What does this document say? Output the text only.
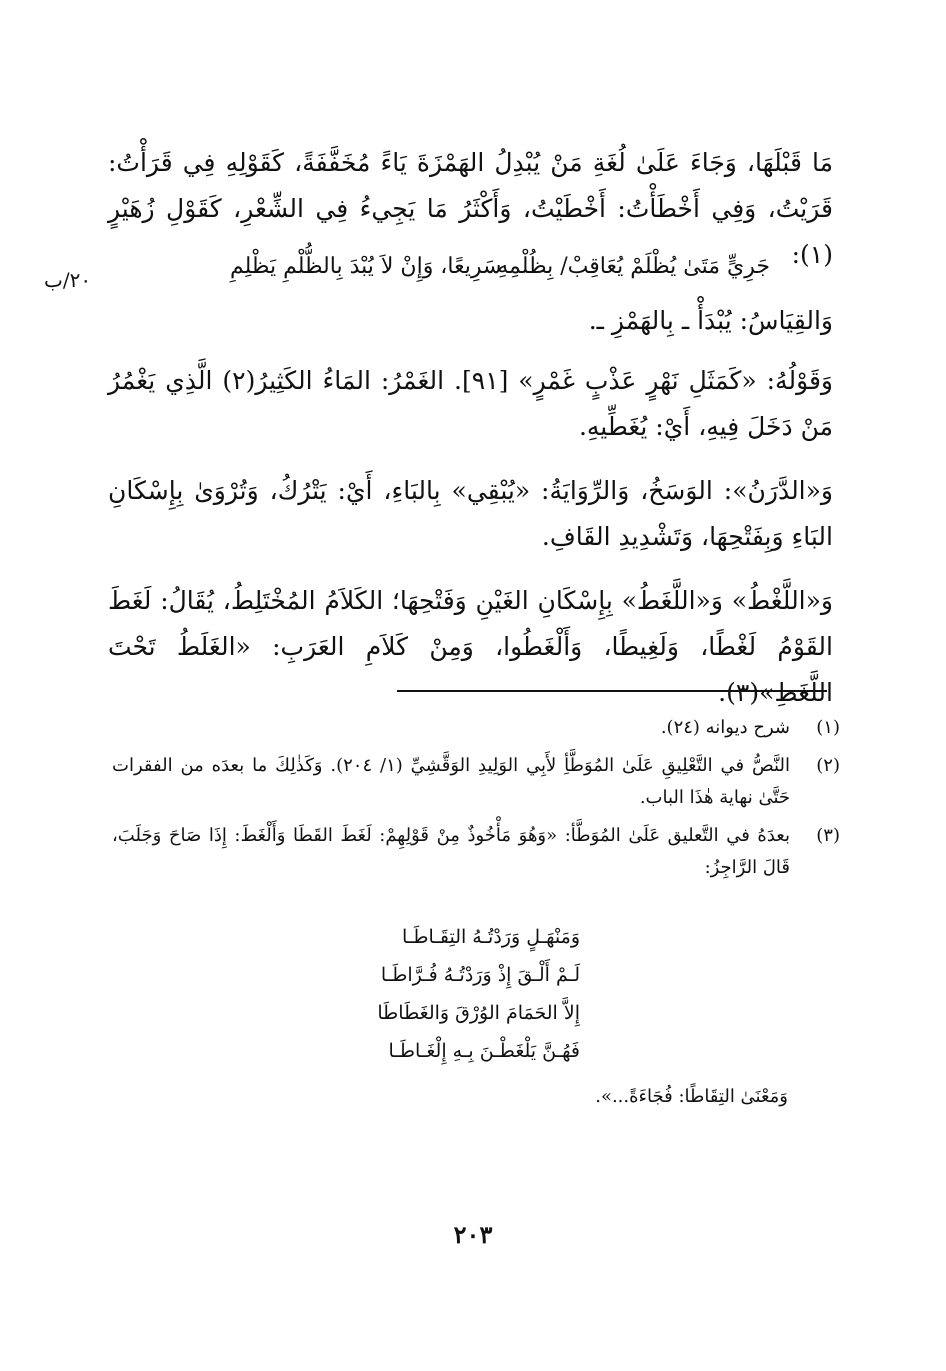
٢٠/ب

مَا قَبْلَهَا، وَجَاءَ عَلَىٰ لُغَةِ مَنْ يُبْدِلُ الهَمْزَةَ يَاءً مُخَفَّفَةً، كَقَوْلِهِ فِي قَرَأْتُ: قَرَيْتُ، وَفِي أَخْطَأْتُ: أَخْطَيْتُ، وَأَكْثَرُ مَا يَجِيءُ فِي الشِّعْرِ، كَقَوْلِ زُهَيْرٍ (١):

جَرِيٍّ مَتَىٰ يُظْلَمْ يُعَاقِبْ/ بِظُلْمِهِ
سَرِيعًا، وَإِنْ لاَ يُبْدَ بِالظُّلْمِ يَظْلِمِ
وَالقِيَاسُ: يُبْدَأْ ـ بِالهَمْزِ ـ.

وَقَوْلُهُ: «كَمَثَلِ نَهْرٍ عَذْبٍ غَمْرٍ» [٩١]. الغَمْرُ: المَاءُ الكَثِيرُ(٢) الَّذِي يَغْمُرُ مَنْ دَخَلَ فِيهِ، أَيْ: يُغَطِّيهِ.

وَ«الدَّرَنُ»: الوَسَخُ، وَالرِّوَايَةُ: «يُبْقِي» بِالبَاءِ، أَيْ: يَتْرُكُ، وَتُرْوَىٰ بِإِسْكَانِ البَاءِ وَبِفَتْحِهَا، وَتَشْدِيدِ القَافِ.

وَ«اللَّغْطُ» وَ«اللَّغَطُ» بِإِسْكَانِ الغَيْنِ وَفَتْحِهَا؛ الكَلاَمُ المُخْتَلِطُ، يُقَالُ: لَغَطَ القَوْمُ لَغْطًا، وَلَغِيطًا، وَأَلْغَطُوا، وَمِنْ كَلاَمِ العَرَبِ: «الغَلَطُ تَحْتَ اللَّغَطِ»(٣).

(١)
شرح ديوانه (٢٤).
(٢)
النَّصُّ في التَّعْلِيقِ عَلَىٰ المُوَطَّأِ لأَبِي الوَلِيدِ الوَقَّشِيِّ (١/ ٢٠٤). وَكَذٰلِكَ ما بعدَه من الفقرات حَتَّىٰ نهاية هٰذَا الباب.
(٣)
بعدَهُ في التَّعليق عَلَىٰ المُوَطَّأ: «وَهُوَ مَأْخُوذٌ مِنْ قَوْلِهِمْ: لَغَطَ القَطَا وَأَلْغَطَ: إِذَا صَاحَ وَجَلَبَ، قَالَ الرَّاجِزُ:
وَمَنْهَـلٍ وَرَدْتُـهُ التِقَـاطَـا
لَـمْ أَلْـقَ إِذْ وَرَدْتُـهُ فُـرَّاطَـا
إِلاَّ الحَمَامَ الوُرْقَ وَالغَطَاطَا
فَهُـنَّ يَلْغَطْـنَ بِـهِ إِلْغَـاطَـا
وَمَعْنَىٰ التِقَاطًا: فُجَاءَةً...».
٢٠٣
